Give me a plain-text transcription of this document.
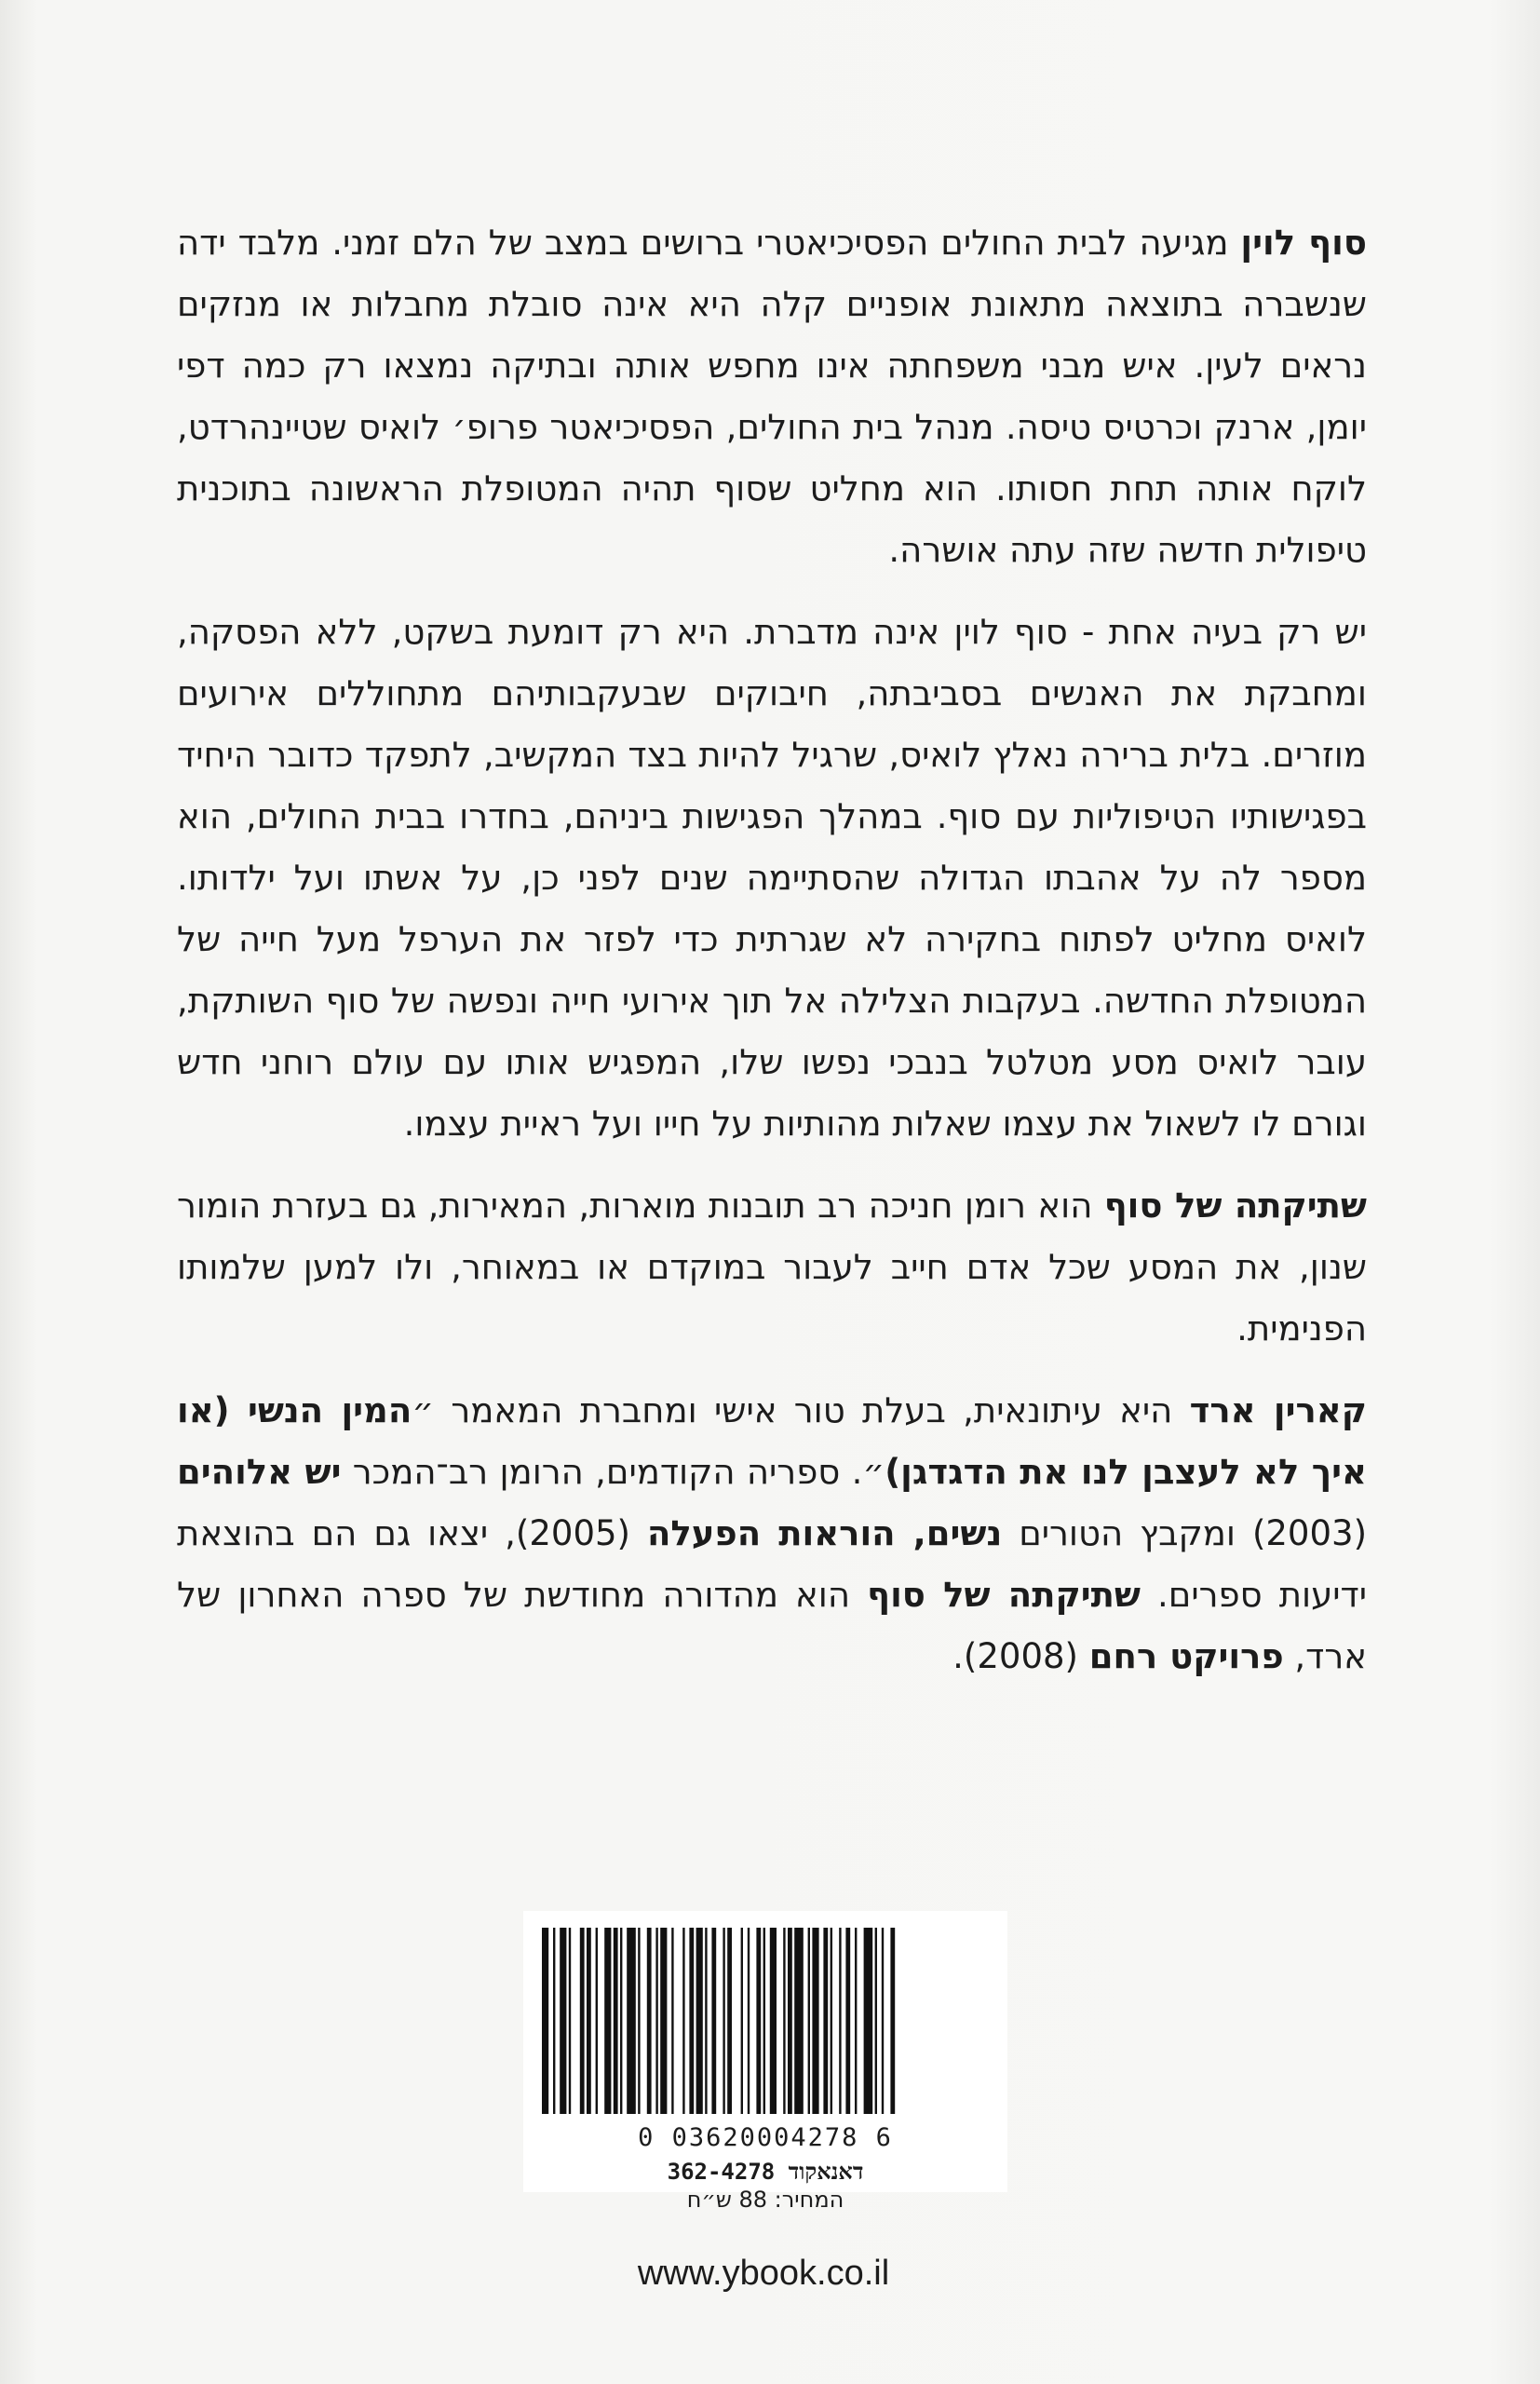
סוף לוין מגיעה לבית החולים הפסיכיאטרי ברושים במצב של הלם זמני. מלבד ידה שנשברה בתוצאה מתאונת אופניים קלה היא אינה סובלת מחבלות או מנזקים נראים לעין. איש מבני משפחתה אינו מחפש אותה ובתיקה נמצאו רק כמה דפי יומן, ארנק וכרטיס טיסה. מנהל בית החולים, הפסיכיאטר פרופ׳ לואיס שטיינהרדט, לוקח אותה תחת חסותו. הוא מחליט שסוף תהיה המטופלת הראשונה בתוכנית טיפולית חדשה שזה עתה אושרה.

יש רק בעיה אחת - סוף לוין אינה מדברת. היא רק דומעת בשקט, ללא הפסקה, ומחבקת את האנשים בסביבתה, חיבוקים שבעקבותיהם מתחוללים אירועים מוזרים. בלית ברירה נאלץ לואיס, שרגיל להיות בצד המקשיב, לתפקד כדובר היחיד בפגישותיו הטיפוליות עם סוף. במהלך הפגישות ביניהם, בחדרו בבית החולים, הוא מספר לה על אהבתו הגדולה שהסתיימה שנים לפני כן, על אשתו ועל ילדותו. לואיס מחליט לפתוח בחקירה לא שגרתית כדי לפזר את הערפל מעל חייה של המטופלת החדשה. בעקבות הצלילה אל תוך אירועי חייה ונפשה של סוף השותקת, עובר לואיס מסע מטלטל בנבכי נפשו שלו, המפגיש אותו עם עולם רוחני חדש וגורם לו לשאול את עצמו שאלות מהותיות על חייו ועל ראיית עצמו.

שתיקתה של סוף הוא רומן חניכה רב תובנות מוארות, המאירות, גם בעזרת הומור שנון, את המסע שכל אדם חייב לעבור במוקדם או במאוחר, ולו למען שלמותו הפנימית.

קארין ארד היא עיתונאית, בעלת טור אישי ומחברת המאמר ״המין הנשי (או איך לא לעצבן לנו את הדגדגן)״. ספריה הקודמים, הרומן רב־המכר יש אלוהים (2003) ומקבץ הטורים נשים, הוראות הפעלה (2005), יצאו גם הם בהוצאת ידיעות ספרים. שתיקתה של סוף הוא מהדורה מחודשת של ספרה האחרון של ארד, פרויקט רחם (2008).

0 03620004278 6
דאנאקוד 362-4278
המחיר: 88 ש״ח
www.ybook.co.il
